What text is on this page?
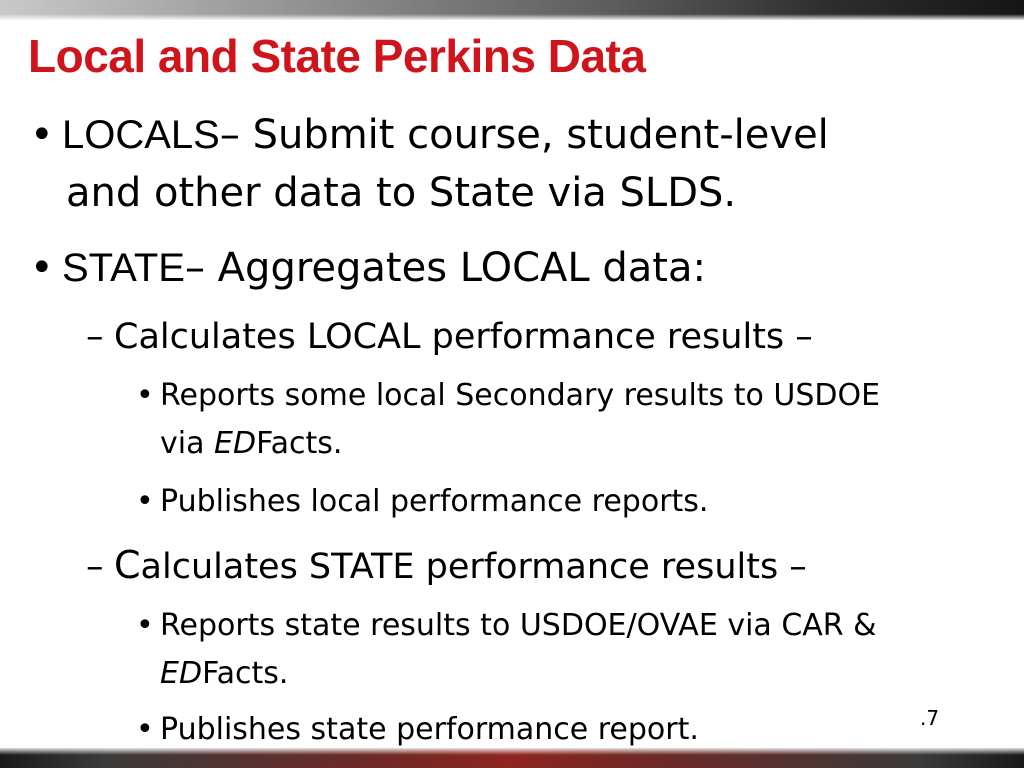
Local and State Perkins Data
• LOCALS – Submit course, student-level
and other data to State via SLDS.
• STATE – Aggregates LOCAL data:
– Calculates LOCAL performance results –
• Reports some local Secondary results to USDOE
via EDFacts.
• Publishes local performance reports.
– Calculates STATE performance results –
• Reports state results to USDOE/OVAE via CAR &
EDFacts.
• Publishes state performance report.	.7
